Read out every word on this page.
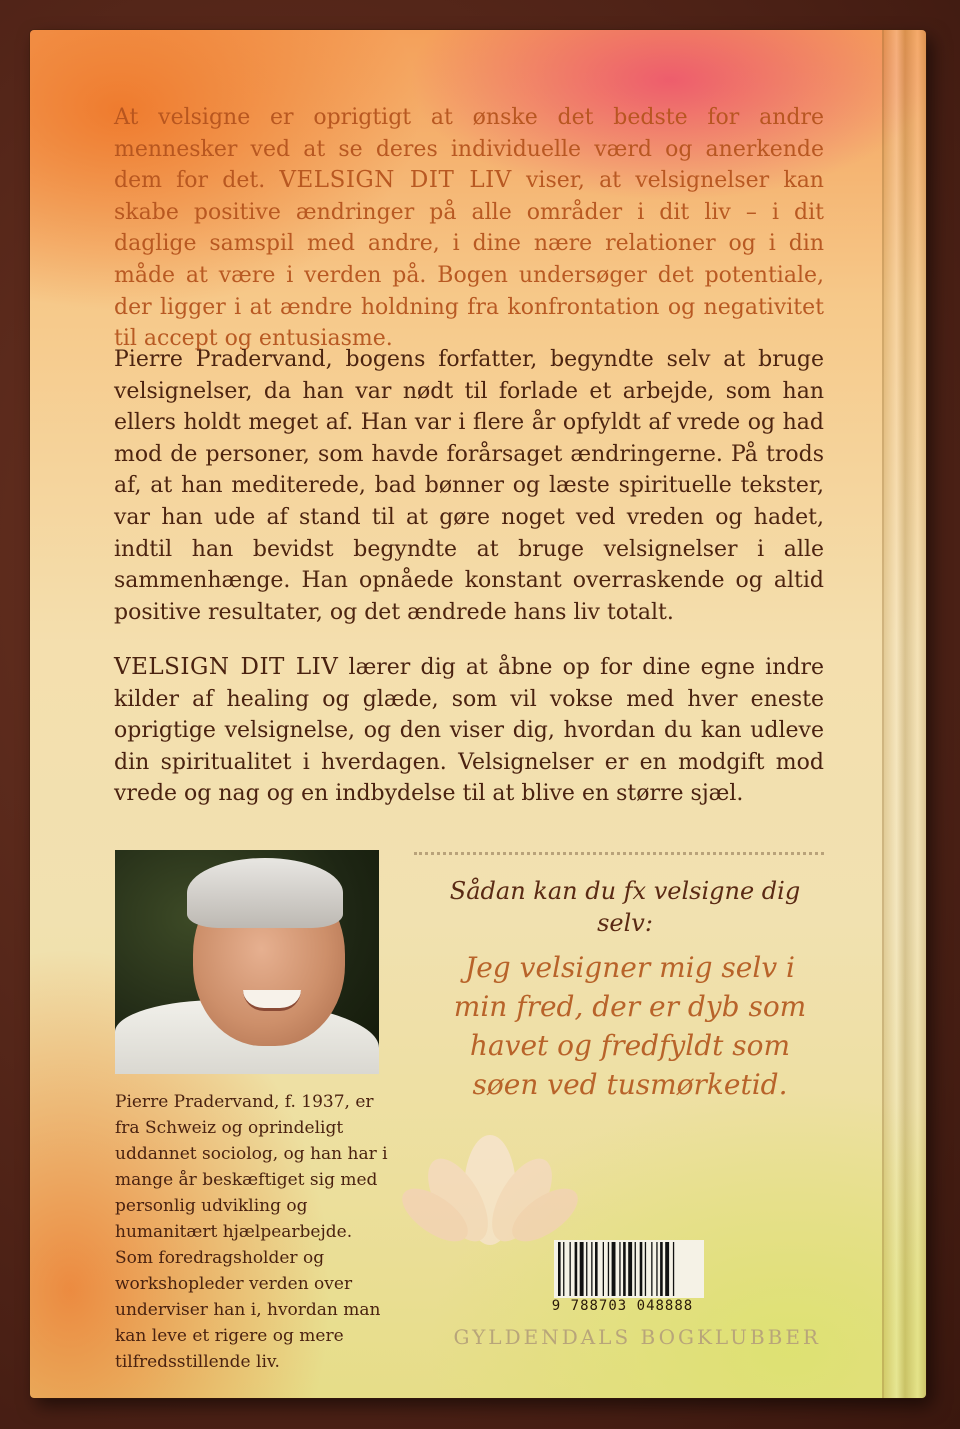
At velsigne er oprigtigt at ønske det bedste for andre mennesker ved at se deres individuelle værd og anerkende dem for det. VELSIGN DIT LIV viser, at velsignelser kan skabe positive ændringer på alle områder i dit liv – i dit daglige samspil med andre, i dine nære relationer og i din måde at være i verden på. Bogen undersøger det potentiale, der ligger i at ændre holdning fra konfrontation og negativitet til accept og entusiasme.

Pierre Pradervand, bogens forfatter, begyndte selv at bruge velsignelser, da han var nødt til forlade et arbejde, som han ellers holdt meget af. Han var i flere år opfyldt af vrede og had mod de personer, som havde forårsaget ændringerne. På trods af, at han mediterede, bad bønner og læste spirituelle tekster, var han ude af stand til at gøre noget ved vreden og hadet, indtil han bevidst begyndte at bruge velsignelser i alle sammenhænge. Han opnåede konstant overraskende og altid positive resultater, og det ændrede hans liv totalt.

VELSIGN DIT LIV lærer dig at åbne op for dine egne indre kilder af healing og glæde, som vil vokse med hver eneste oprigtige velsignelse, og den viser dig, hvordan du kan udleve din spiritualitet i hverdagen. Velsignelser er en modgift mod vrede og nag og en indbydelse til at blive en større sjæl.

Pierre Pradervand, f. 1937, er fra Schweiz og oprindeligt uddannet sociolog, og han har i mange år beskæftiget sig med personlig udvikling og humanitært hjælpearbejde. Som foredragsholder og workshopleder verden over underviser han i, hvordan man kan leve et rigere og mere tilfredsstillende liv.

Sådan kan du fx velsigne dig selv:

Jeg velsigner mig selv i min fred, der er dyb som havet og fredfyldt som søen ved tusmørketid.

9 788703 048888
GYLDENDALS BOGKLUBBER
